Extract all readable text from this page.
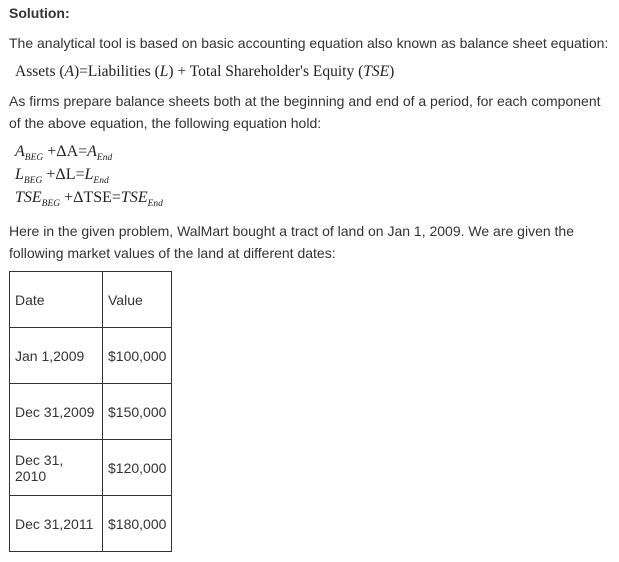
Solution:
The analytical tool is based on basic accounting equation also known as balance sheet equation:
Assets (A)=Liabilities (L) + Total Shareholder's Equity (TSE)
As firms prepare balance sheets both at the beginning and end of a period, for each component
of the above equation, the following equation hold:
$A_{BEG} +\Delta A=A_{End}$
$L_{BEG} +\Delta L=L_{End}$
$TSE_{BEG} +\Delta TSE=TSE_{End}$
Here in the given problem, WalMart bought a tract of land on Jan 1, 2009. We are given the
following market values of the land at different dates:
Date	Value
Jan 1,2009	$100,000
Dec 31,2009	$150,000
Dec 31, 2010	$120,000
Dec 31,2011	$180,000
